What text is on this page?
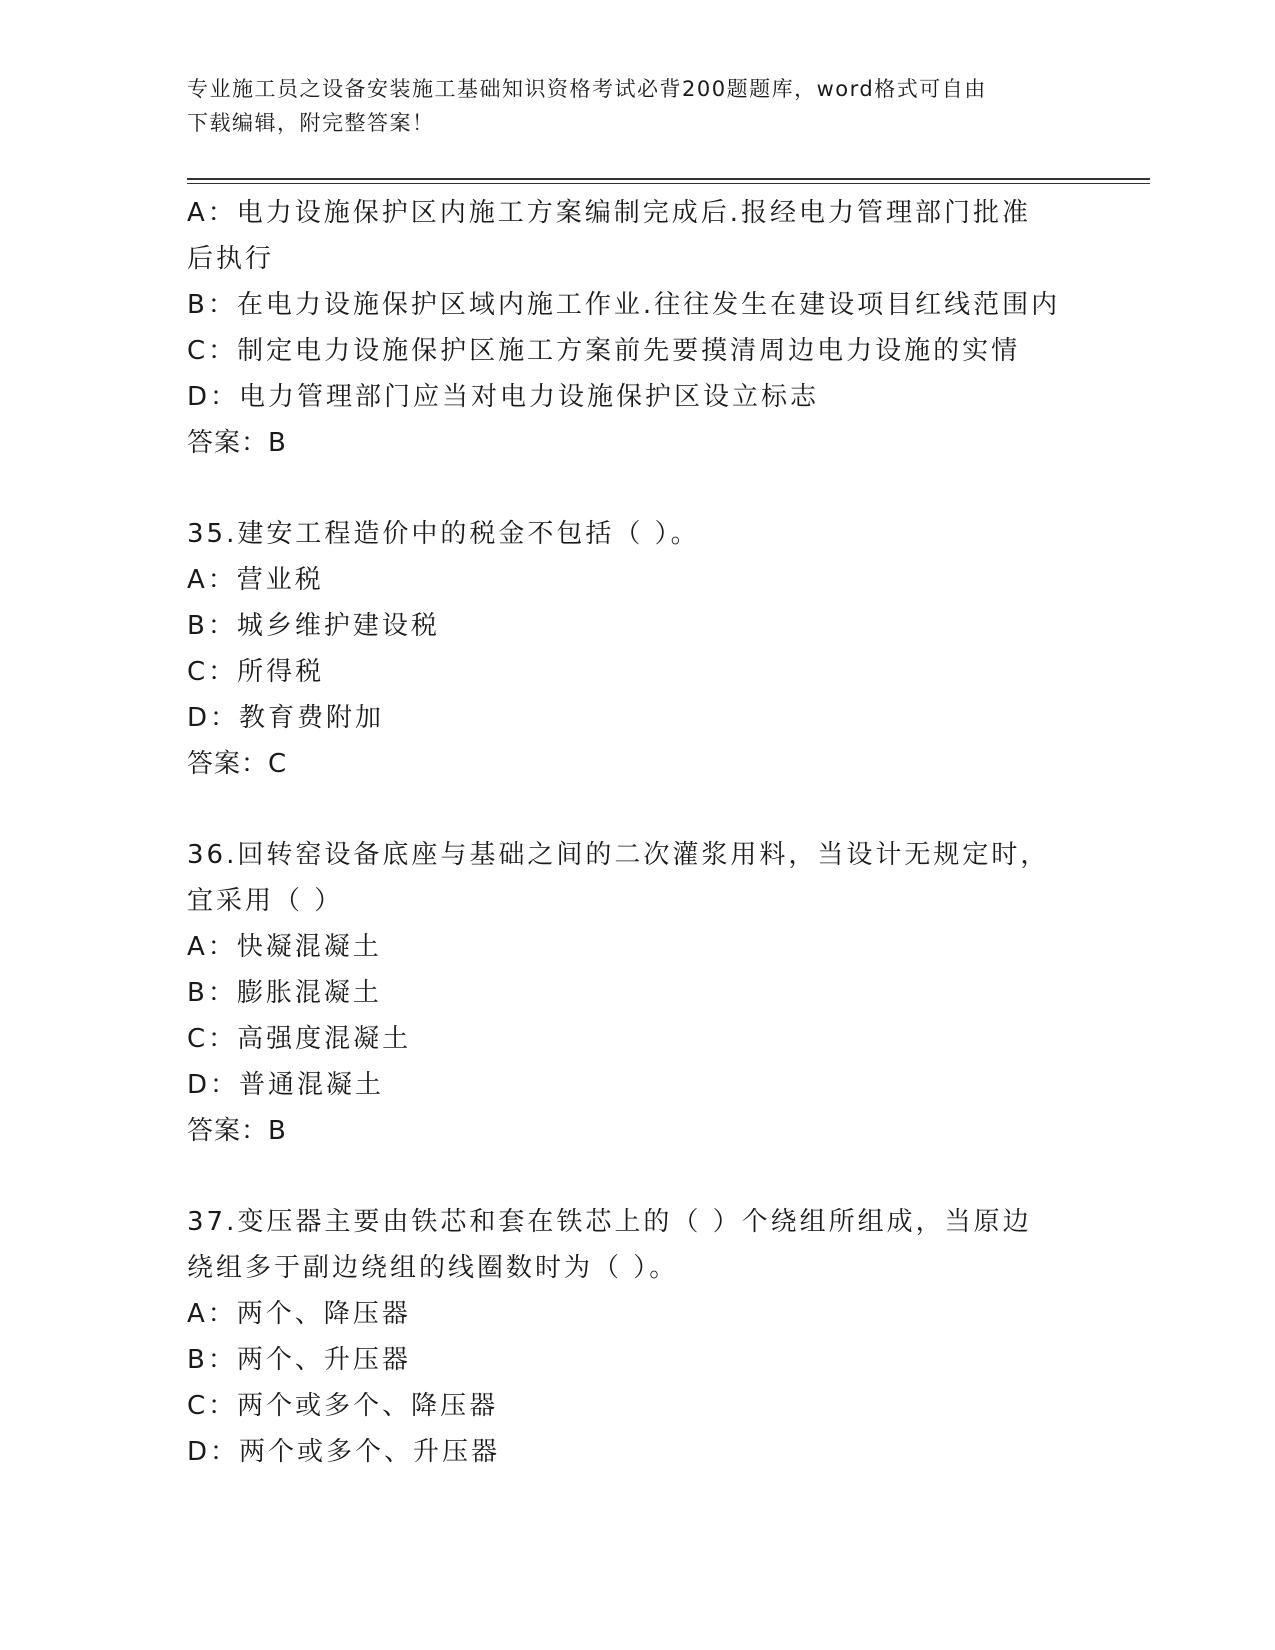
专业施工员之设备安装施工基础知识资格考试必背200题题库，word格式可自由
下载编辑，附完整答案！
A：电力设施保护区内施工方案编制完成后.报经电力管理部门批准后执行
B：在电力设施保护区域内施工作业.往往发生在建设项目红线范围内
C：制定电力设施保护区施工方案前先要摸清周边电力设施的实情
D：电力管理部门应当对电力设施保护区设立标志
答案：B
35.建安工程造价中的税金不包括（ ）。
A：营业税
B：城乡维护建设税
C：所得税
D：教育费附加
答案：C
36.回转窑设备底座与基础之间的二次灌浆用料，当设计无规定时，宜采用（ ）
A：快凝混凝土
B：膨胀混凝土
C：高强度混凝土
D：普通混凝土
答案：B
37.变压器主要由铁芯和套在铁芯上的（ ）个绕组所组成，当原边绕组多于副边绕组的线圈数时为（ ）。
A：两个、降压器
B：两个、升压器
C：两个或多个、降压器
D：两个或多个、升压器
